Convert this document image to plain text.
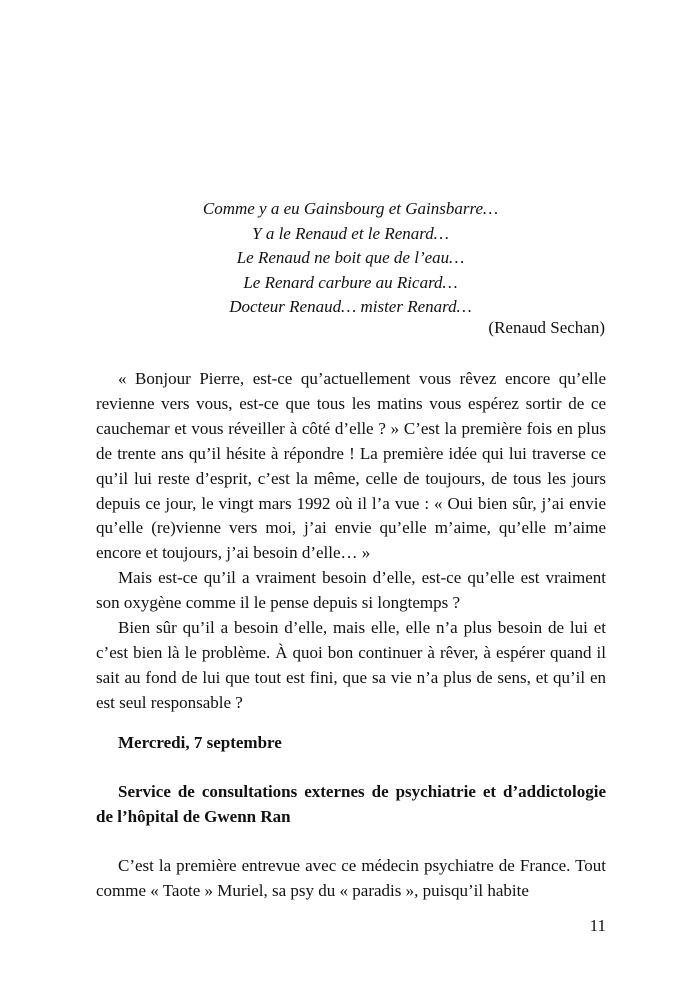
Comme y a eu Gainsbourg et Gainsbarre…
Y a le Renaud et le Renard…
Le Renaud ne boit que de l’eau…
Le Renard carbure au Ricard…
Docteur Renaud… mister Renard…
(Renaud Sechan)

« Bonjour Pierre, est-ce qu’actuellement vous rêvez encore qu’elle revienne vers vous, est-ce que tous les matins vous espérez sortir de ce cauchemar et vous réveiller à côté d’elle ? » C’est la première fois en plus de trente ans qu’il hésite à répondre ! La première idée qui lui traverse ce qu’il lui reste d’esprit, c’est la même, celle de toujours, de tous les jours depuis ce jour, le vingt mars 1992 où il l’a vue : « Oui bien sûr, j’ai envie qu’elle (re)vienne vers moi, j’ai envie qu’elle m’aime, qu’elle m’aime encore et toujours, j’ai besoin d’elle… »

Mais est-ce qu’il a vraiment besoin d’elle, est-ce qu’elle est vraiment son oxygène comme il le pense depuis si longtemps ?

Bien sûr qu’il a besoin d’elle, mais elle, elle n’a plus besoin de lui et c’est bien là le problème. À quoi bon continuer à rêver, à espérer quand il sait au fond de lui que tout est fini, que sa vie n’a plus de sens, et qu’il en est seul responsable ?

Mercredi, 7 septembre

Service de consultations externes de psychiatrie et d’addictologie de l’hôpital de Gwenn Ran

C’est la première entrevue avec ce médecin psychiatre de France. Tout comme « Taote » Muriel, sa psy du « paradis », puisqu’il habite

11
